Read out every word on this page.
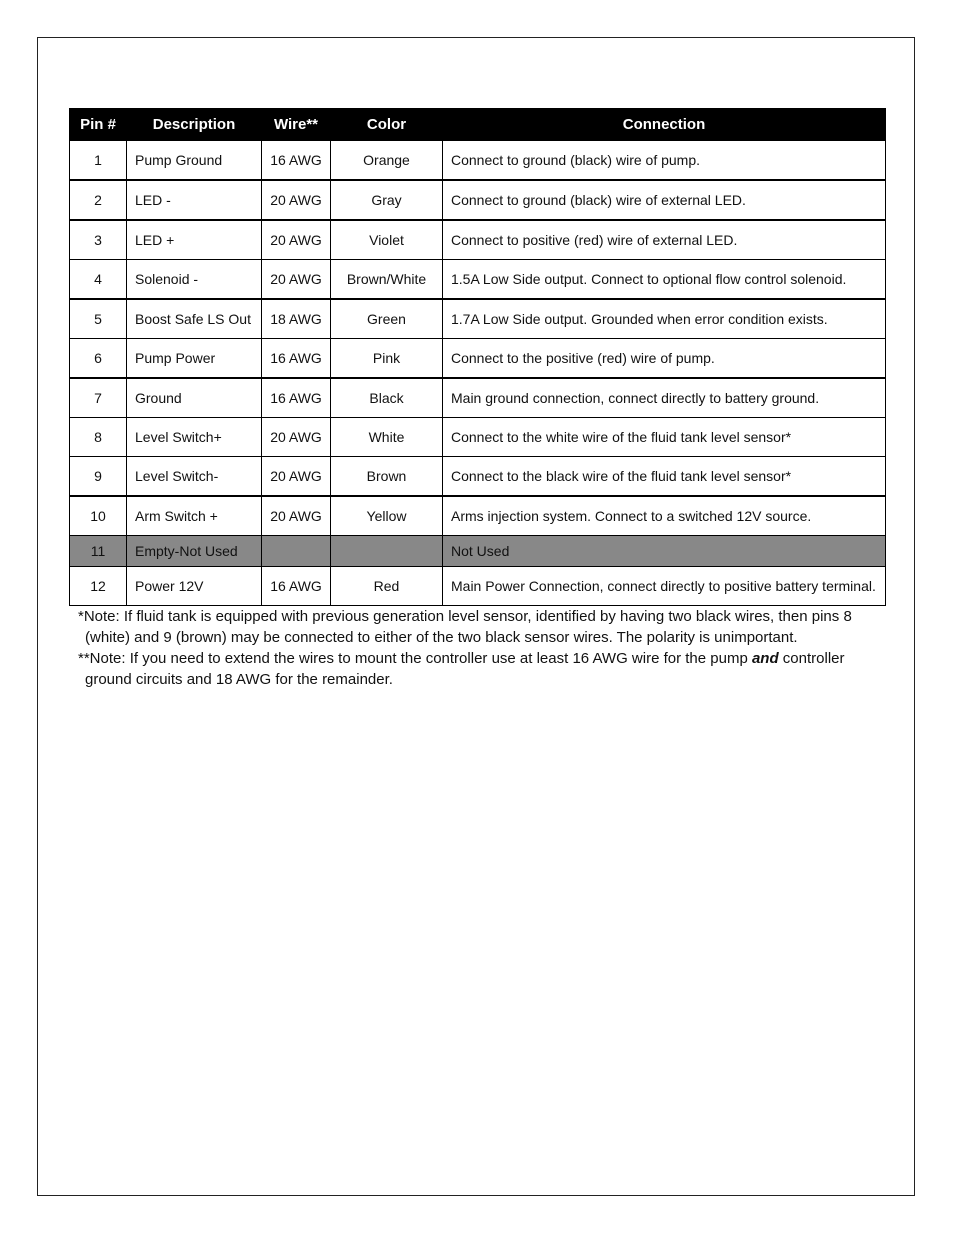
Pin #	Description	Wire**	Color	Connection
1	Pump Ground	16 AWG	Orange	Connect to ground (black) wire of pump.
2	LED -	20 AWG	Gray	Connect to ground (black) wire of external LED.
3	LED +	20 AWG	Violet	Connect to positive (red) wire of external LED.
4	Solenoid -	20 AWG	Brown/White	1.5A Low Side output. Connect to optional flow control solenoid.
5	Boost Safe LS Out	18 AWG	Green	1.7A Low Side output. Grounded when error condition exists.
6	Pump Power	16 AWG	Pink	Connect to the positive (red) wire of pump.
7	Ground	16 AWG	Black	Main ground connection, connect directly to battery ground.
8	Level Switch+	20 AWG	White	Connect to the white wire of the fluid tank level sensor*
9	Level Switch-	20 AWG	Brown	Connect to the black wire of the fluid tank level sensor*
10	Arm Switch +	20 AWG	Yellow	Arms injection system. Connect to a switched 12V source.
11	Empty-Not Used			Not Used
12	Power 12V	16 AWG	Red	Main Power Connection, connect directly to positive battery terminal.

*Note: If fluid tank is equipped with previous generation level sensor, identified by having two black wires, then pins 8 (white) and 9 (brown) may be connected to either of the two black sensor wires. The polarity is unimportant.

**Note: If you need to extend the wires to mount the controller use at least 16 AWG wire for the pump and controller ground circuits and 18 AWG for the remainder.
